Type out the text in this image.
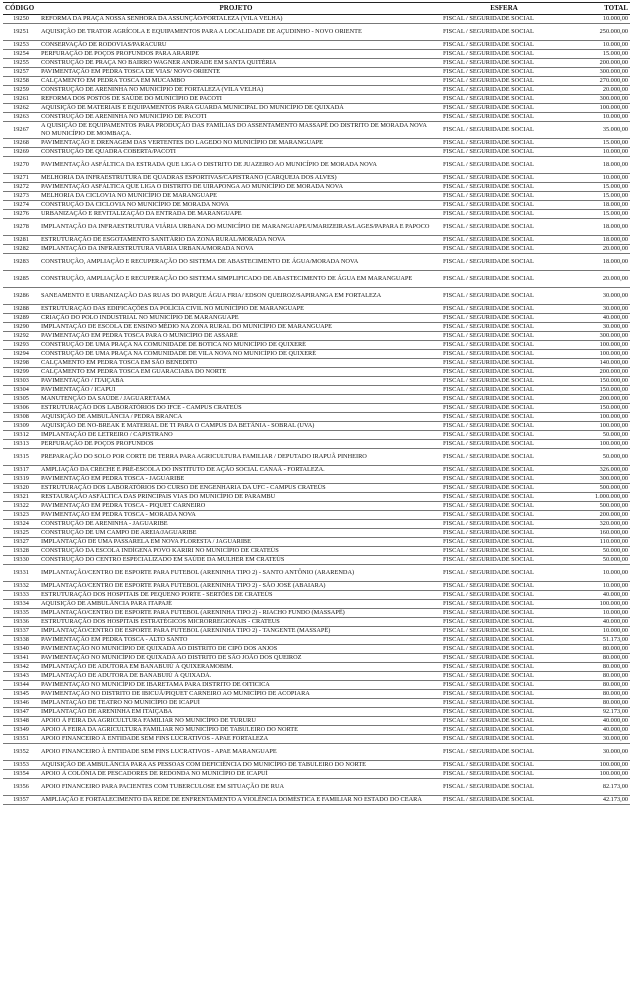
CÓDIGO	PROJETO	ESFERA	TOTAL
19250	REFORMA DA PRAÇA NOSSA SENHORA DA ASSUNÇÃO/FORTALEZA (VILA VELHA)	FISCAL / SEGURIDADE SOCIAL	10.000,00
19251	AQUISIÇÃO DE TRATOR AGRÍCOLA E EQUIPAMENTOS PARA A LOCALIDADE DE AÇUDINHO - NOVO ORIENTE	FISCAL / SEGURIDADE SOCIAL	250.000,00
19253	CONSERVAÇÃO DE RODOVIAS/PARACURU	FISCAL / SEGURIDADE SOCIAL	10.000,00
19254	PERFURAÇÃO DE POÇOS PROFUNDOS PARA ARARIPE	FISCAL / SEGURIDADE SOCIAL	15.000,00
19255	CONSTRUÇÃO DE PRAÇA NO BAIRRO WAGNER ANDRADE EM SANTA QUITÉRIA	FISCAL / SEGURIDADE SOCIAL	200.000,00
19257	PAVIMENTAÇÃO EM PEDRA TOSCA DE VIAS/ NOVO ORIENTE	FISCAL / SEGURIDADE SOCIAL	300.000,00
19258	CALÇAMENTO EM PEDRA TOSCA EM MUCAMBO	FISCAL / SEGURIDADE SOCIAL	270.000,00
19259	CONSTRUÇÃO DE ARENINHA NO MUNICÍPIO DE FORTALEZA (VILA VELHA)	FISCAL / SEGURIDADE SOCIAL	20.000,00
19261	REFORMA DOS POSTOS DE SAÚDE DO MUNICÍPIO DE PACOTI	FISCAL / SEGURIDADE SOCIAL	300.000,00
19262	AQUISIÇÃO DE MATERIAIS E EQUIPAMENTOS PARA GUARDA MUNICIPAL DO MUNICÍPIO DE QUIXADÁ	FISCAL / SEGURIDADE SOCIAL	100.000,00
19263	CONSTRUÇÃO DE ARENINHA NO MUNICÍPIO DE PACOTI	FISCAL / SEGURIDADE SOCIAL	10.000,00
19267	A QUISIÇÃO DE EQUIPAMENTOS PARA PRODUÇÃO DAS FAMÍLIAS DO ASSENTAMENTO MASSAPÊ DO DISTRITO DE MORADA NOVA NO MUNICÍPIO DE MOMBAÇA.	FISCAL / SEGURIDADE SOCIAL	35.000,00
19268	PAVIMENTAÇÃO E DRENAGEM DAS VERTENTES DO LAGEDO NO MUNICÍPIO DE MARANGUAPE	FISCAL / SEGURIDADE SOCIAL	15.000,00
19269	CONSTRUÇÃO DE QUADRA COBERTA/PACOTI	FISCAL / SEGURIDADE SOCIAL	10.000,00
19270	PAVIMENTAÇÃO ASFÁLTICA DA ESTRADA QUE LIGA O DISTRITO DE JUAZEIRO AO MUNICÍPIO DE MORADA NOVA	FISCAL / SEGURIDADE SOCIAL	18.000,00
19271	MELHORIA DA INFRAESTRUTURA DE QUADRAS ESPORTIVAS/CAPISTRANO (CARQUEJA DOS ALVES)	FISCAL / SEGURIDADE SOCIAL	10.000,00
19272	PAVIMENTAÇÃO ASFÁLTICA QUE LIGA O DISTRITO DE UIRAPONGA AO MUNICÍPIO DE MORADA NOVA	FISCAL / SEGURIDADE SOCIAL	15.000,00
19273	MELHORIA DA CICLOVIA NO MUNICÍPIO DE MARANGUAPE	FISCAL / SEGURIDADE SOCIAL	15.000,00
19274	CONSTRUÇÃO DA CICLOVIA NO MUNICÍPIO DE MORADA NOVA	FISCAL / SEGURIDADE SOCIAL	18.000,00
19276	URBANIZAÇÃO E REVITALIZAÇÃO DA ENTRADA DE MARANGUAPE	FISCAL / SEGURIDADE SOCIAL	15.000,00
19278	IMPLANTAÇÃO DA INFRAESTRUTURA VIÁRIA URBANA DO MUNICÍPIO DE MARANGUAPE/UMARIZEIRAS/LAGES/PAPARA E PAPOCO	FISCAL / SEGURIDADE SOCIAL	18.000,00
19281	ESTRUTURAÇÃO DE ESGOTAMENTO SANITÁRIO DA ZONA RURAL/MORADA NOVA	FISCAL / SEGURIDADE SOCIAL	18.000,00
19282	IMPLANTAÇÃO DA INFRAESTRUTURA VIÁRIA URBANA/MORADA NOVA	FISCAL / SEGURIDADE SOCIAL	20.000,00
19283	CONSTRUÇÃO, AMPLIAÇÃO E RECUPERAÇÃO DO SISTEMA DE ABASTECIMENTO DE ÁGUA/MORADA NOVA	FISCAL / SEGURIDADE SOCIAL	18.000,00
19285	CONSTRUÇÃO, AMPLIAÇÃO E RECUPERAÇÃO DO SISTEMA SIMPLIFICADO DE ABASTECIMENTO DE ÁGUA EM MARANGUAPE	FISCAL / SEGURIDADE SOCIAL	20.000,00
19286	SANEAMENTO E URBANIZAÇÃO DAS RUAS DO PARQUE ÁGUA FRIA/ EDSON QUEIROZ/SAPIRANGA EM FORTALEZA	FISCAL / SEGURIDADE SOCIAL	30.000,00
19288	ESTRUTURAÇÃO DAS EDIFICAÇÕES DA POLÍCIA CIVIL NO MUNICÍPIO DE MARANGUAPE	FISCAL / SEGURIDADE SOCIAL	30.000,00
19289	CRIAÇÃO DO POLO INDUSTRIAL NO MUNICÍPIO DE MARANGUAPE	FISCAL / SEGURIDADE SOCIAL	40.000,00
19290	IMPLANTAÇÃO DE ESCOLA DE ENSINO MÉDIO NA ZONA RURAL DO MUNICÍPIO DE MARANGUAPE	FISCAL / SEGURIDADE SOCIAL	30.000,00
19292	PAVIMENTAÇÃO EM PEDRA TOSCA PARA O MUNICÍPIO DE ASSARÉ	FISCAL / SEGURIDADE SOCIAL	300.000,00
19293	CONSTRUÇÃO DE UMA PRAÇA NA COMUNIDADE DE BOTICA NO MUNICÍPIO DE QUIXERÉ	FISCAL / SEGURIDADE SOCIAL	100.000,00
19294	CONSTRUÇÃO DE UMA PRAÇA NA COMUNIDADE DE VILA NOVA NO MUNICÍPIO DE QUIXERÉ	FISCAL / SEGURIDADE SOCIAL	100.000,00
19298	CALÇAMENTO EM PEDRA TOSCA EM SÃO BENEDITO	FISCAL / SEGURIDADE SOCIAL	140.000,00
19299	CALÇAMENTO EM PEDRA TOSCA EM GUARACIABA DO NORTE	FISCAL / SEGURIDADE SOCIAL	200.000,00
19303	PAVIMENTAÇÃO / ITAIÇABA	FISCAL / SEGURIDADE SOCIAL	150.000,00
19304	PAVIMENTAÇÃO / ICAPUI	FISCAL / SEGURIDADE SOCIAL	150.000,00
19305	MANUTENÇÃO DA SAÚDE / JAGUARETAMA	FISCAL / SEGURIDADE SOCIAL	200.000,00
19306	ESTRUTURAÇÃO DOS LABORATÓRIOS DO IFCE - CAMPUS CRATEÚS	FISCAL / SEGURIDADE SOCIAL	150.000,00
19308	AQUISIÇÃO DE AMBULÂNCIA / PEDRA BRANCA	FISCAL / SEGURIDADE SOCIAL	100.000,00
19309	AQUISIÇÃO DE NO-BREAK E MATERIAL DE TI PARA O CAMPUS DA BETÂNIA - SOBRAL (UVA)	FISCAL / SEGURIDADE SOCIAL	100.000,00
19312	IMPLANTAÇÃO DE LETREIRO / CAPISTRANO	FISCAL / SEGURIDADE SOCIAL	50.000,00
19313	PERFURAÇÃO DE POÇOS PROFUNDOS	FISCAL / SEGURIDADE SOCIAL	100.000,00
19315	PREPARAÇÃO DO SOLO POR CORTE DE TERRA PARA AGRICULTURA FAMILIAR / DEPUTADO IRAPUÃ PINHEIRO	FISCAL / SEGURIDADE SOCIAL	50.000,00
19317	AMPLIAÇÃO DA CRECHE E PRÉ-ESCOLA DO INSTITUTO DE AÇÃO SOCIAL CANAÃ - FORTALEZA.	FISCAL / SEGURIDADE SOCIAL	326.000,00
19319	PAVIMENTAÇÃO EM PEDRA TOSCA - JAGUARIBE	FISCAL / SEGURIDADE SOCIAL	300.000,00
19320	ESTRUTURAÇÃO DOS LABORATÓRIOS DO CURSO DE ENGENHARIA DA UFC - CAMPUS CRATEÚS	FISCAL / SEGURIDADE SOCIAL	500.000,00
19321	RESTAURAÇÃO ASFÁLTICA DAS PRINCIPAIS VIAS DO MUNICÍPIO DE PARAMBU	FISCAL / SEGURIDADE SOCIAL	1.000.000,00
19322	PAVIMENTAÇÃO EM PEDRA TOSCA - PIQUET CARNEIRO	FISCAL / SEGURIDADE SOCIAL	500.000,00
19323	PAVIMENTAÇÃO EM PEDRA TOSCA - MORADA NOVA	FISCAL / SEGURIDADE SOCIAL	200.000,00
19324	CONSTRUÇÃO DE ARENINHA - JAGUARIBE	FISCAL / SEGURIDADE SOCIAL	320.000,00
19325	CONSTRUÇÃO DE UM CAMPO DE AREIA/JAGUARIBE	FISCAL / SEGURIDADE SOCIAL	160.000,00
19327	IMPLANTAÇÃO DE UMA PASSARELA EM NOVA FLORESTA / JAGUARIBE	FISCAL / SEGURIDADE SOCIAL	110.000,00
19328	CONSTRUÇÃO DA ESCOLA INDÍGENA POVO KARIRI NO MUNICÍPIO DE CRATEÚS	FISCAL / SEGURIDADE SOCIAL	50.000,00
19330	CONSTRUÇÃO DO CENTRO ESPECIALIZADO EM SAÚDE DA MULHER EM CRATEÚS	FISCAL / SEGURIDADE SOCIAL	50.000,00
19331	IMPLANTAÇÃO/CENTRO DE ESPORTE PARA FUTEBOL (ARENINHA TIPO 2) - SANTO ANTÔNIO (ARARENDA)	FISCAL / SEGURIDADE SOCIAL	10.000,00
19332	IMPLANTAÇÃO/CENTRO DE ESPORTE PARA FUTEBOL (ARENINHA TIPO 2) - SÃO JOSÉ (ABAIARA)	FISCAL / SEGURIDADE SOCIAL	10.000,00
19333	ESTRUTURAÇÃO DOS HOSPITAIS DE PEQUENO PORTE - SERTÕES DE CRATEÚS	FISCAL / SEGURIDADE SOCIAL	40.000,00
19334	AQUISIÇÃO DE AMBULÂNCIA PARA ITAPAJÉ	FISCAL / SEGURIDADE SOCIAL	100.000,00
19335	IMPLANTAÇÃO/CENTRO DE ESPORTE PARA FUTEBOL (ARENINHA TIPO 2) - RIACHO FUNDO (MASSAPÊ)	FISCAL / SEGURIDADE SOCIAL	10.000,00
19336	ESTRUTURAÇÃO DOS HOSPITAIS ESTRATÉGICOS MICRORREGIONAIS - CRATEUS	FISCAL / SEGURIDADE SOCIAL	40.000,00
19337	IMPLANTAÇÃO/CENTRO DE ESPORTE PARA FUTEBOL (ARENINHA TIPO 2) - TANGENTE (MASSAPÊ)	FISCAL / SEGURIDADE SOCIAL	10.000,00
19338	PAVIMENTAÇÃO EM PEDRA TOSCA - ALTO SANTO	FISCAL / SEGURIDADE SOCIAL	51.173,00
19340	PAVIMENTAÇÃO NO MUNICÍPIO DE QUIXADÁ AO DISTRITO DE CIPÓ DOS ANJOS	FISCAL / SEGURIDADE SOCIAL	80.000,00
19341	PAVIMENTAÇÃO NO MUNICÍPIO DE QUIXADÁ AO DISTRITO DE SÃO JOÃO DOS QUEIROZ	FISCAL / SEGURIDADE SOCIAL	80.000,00
19342	IMPLANTAÇÃO DE ADUTORA EM BANABUIÚ À QUIXERAMOBIM.	FISCAL / SEGURIDADE SOCIAL	80.000,00
19343	IMPLANTAÇÃO DE ADUTORA DE BANABUIÚ À QUIXADÁ.	FISCAL / SEGURIDADE SOCIAL	80.000,00
19344	PAVIMENTAÇÃO NO MUNICÍPIO DE IBARETAMA PARA DISTRITO DE OITICICA	FISCAL / SEGURIDADE SOCIAL	80.000,00
19345	PAVIMENTAÇÃO NO DISTRITO DE IBICUÃ/PIQUET CARNEIRO AO MUNICÍPIO DE ACOPIARA	FISCAL / SEGURIDADE SOCIAL	80.000,00
19346	IMPLANTAÇÃO DE TEATRO NO MUNICÍPIO DE ICAPUÍ	FISCAL / SEGURIDADE SOCIAL	80.000,00
19347	IMPLANTAÇÃO DE ARENINHA EM ITAIÇABA	FISCAL / SEGURIDADE SOCIAL	92.173,00
19348	APOIO À FEIRA DA AGRICULTURA FAMILIAR NO MUNICÍPIO DE TURURU	FISCAL / SEGURIDADE SOCIAL	40.000,00
19349	APOIO À FEIRA DA AGRICULTURA FAMILIAR NO MUNICÍPIO DE TABULEIRO DO NORTE	FISCAL / SEGURIDADE SOCIAL	40.000,00
19351	APOIO FINANCEIRO À ENTIDADE SEM FINS LUCRATIVOS - APAE FORTALEZA	FISCAL / SEGURIDADE SOCIAL	30.000,00
19352	APOIO FINANCEIRO À ENTIDADE SEM FINS LUCRATIVOS - APAE MARANGUAPE	FISCAL / SEGURIDADE SOCIAL	30.000,00
19353	AQUISIÇÃO DE AMBULÂNCIA PARA AS PESSOAS COM DEFICIÊNCIA DO MUNICÍPIO DE TABULEIRO DO NORTE	FISCAL / SEGURIDADE SOCIAL	100.000,00
19354	APOIO À COLÔNIA DE PESCADORES DE REDONDA NO MUNICÍPIO DE ICAPUÍ	FISCAL / SEGURIDADE SOCIAL	100.000,00
19356	APOIO FINANCEIRO PARA PACIENTES COM TUBERCULOSE EM SITUAÇÃO DE RUA	FISCAL / SEGURIDADE SOCIAL	82.173,00
19357	AMPLIAÇÃO E FORTALECIMENTO DA REDE DE ENFRENTAMENTO A VIOLÊNCIA DOMÉSTICA E FAMILIAR NO ESTADO DO CEARÁ	FISCAL / SEGURIDADE SOCIAL	42.173,00
